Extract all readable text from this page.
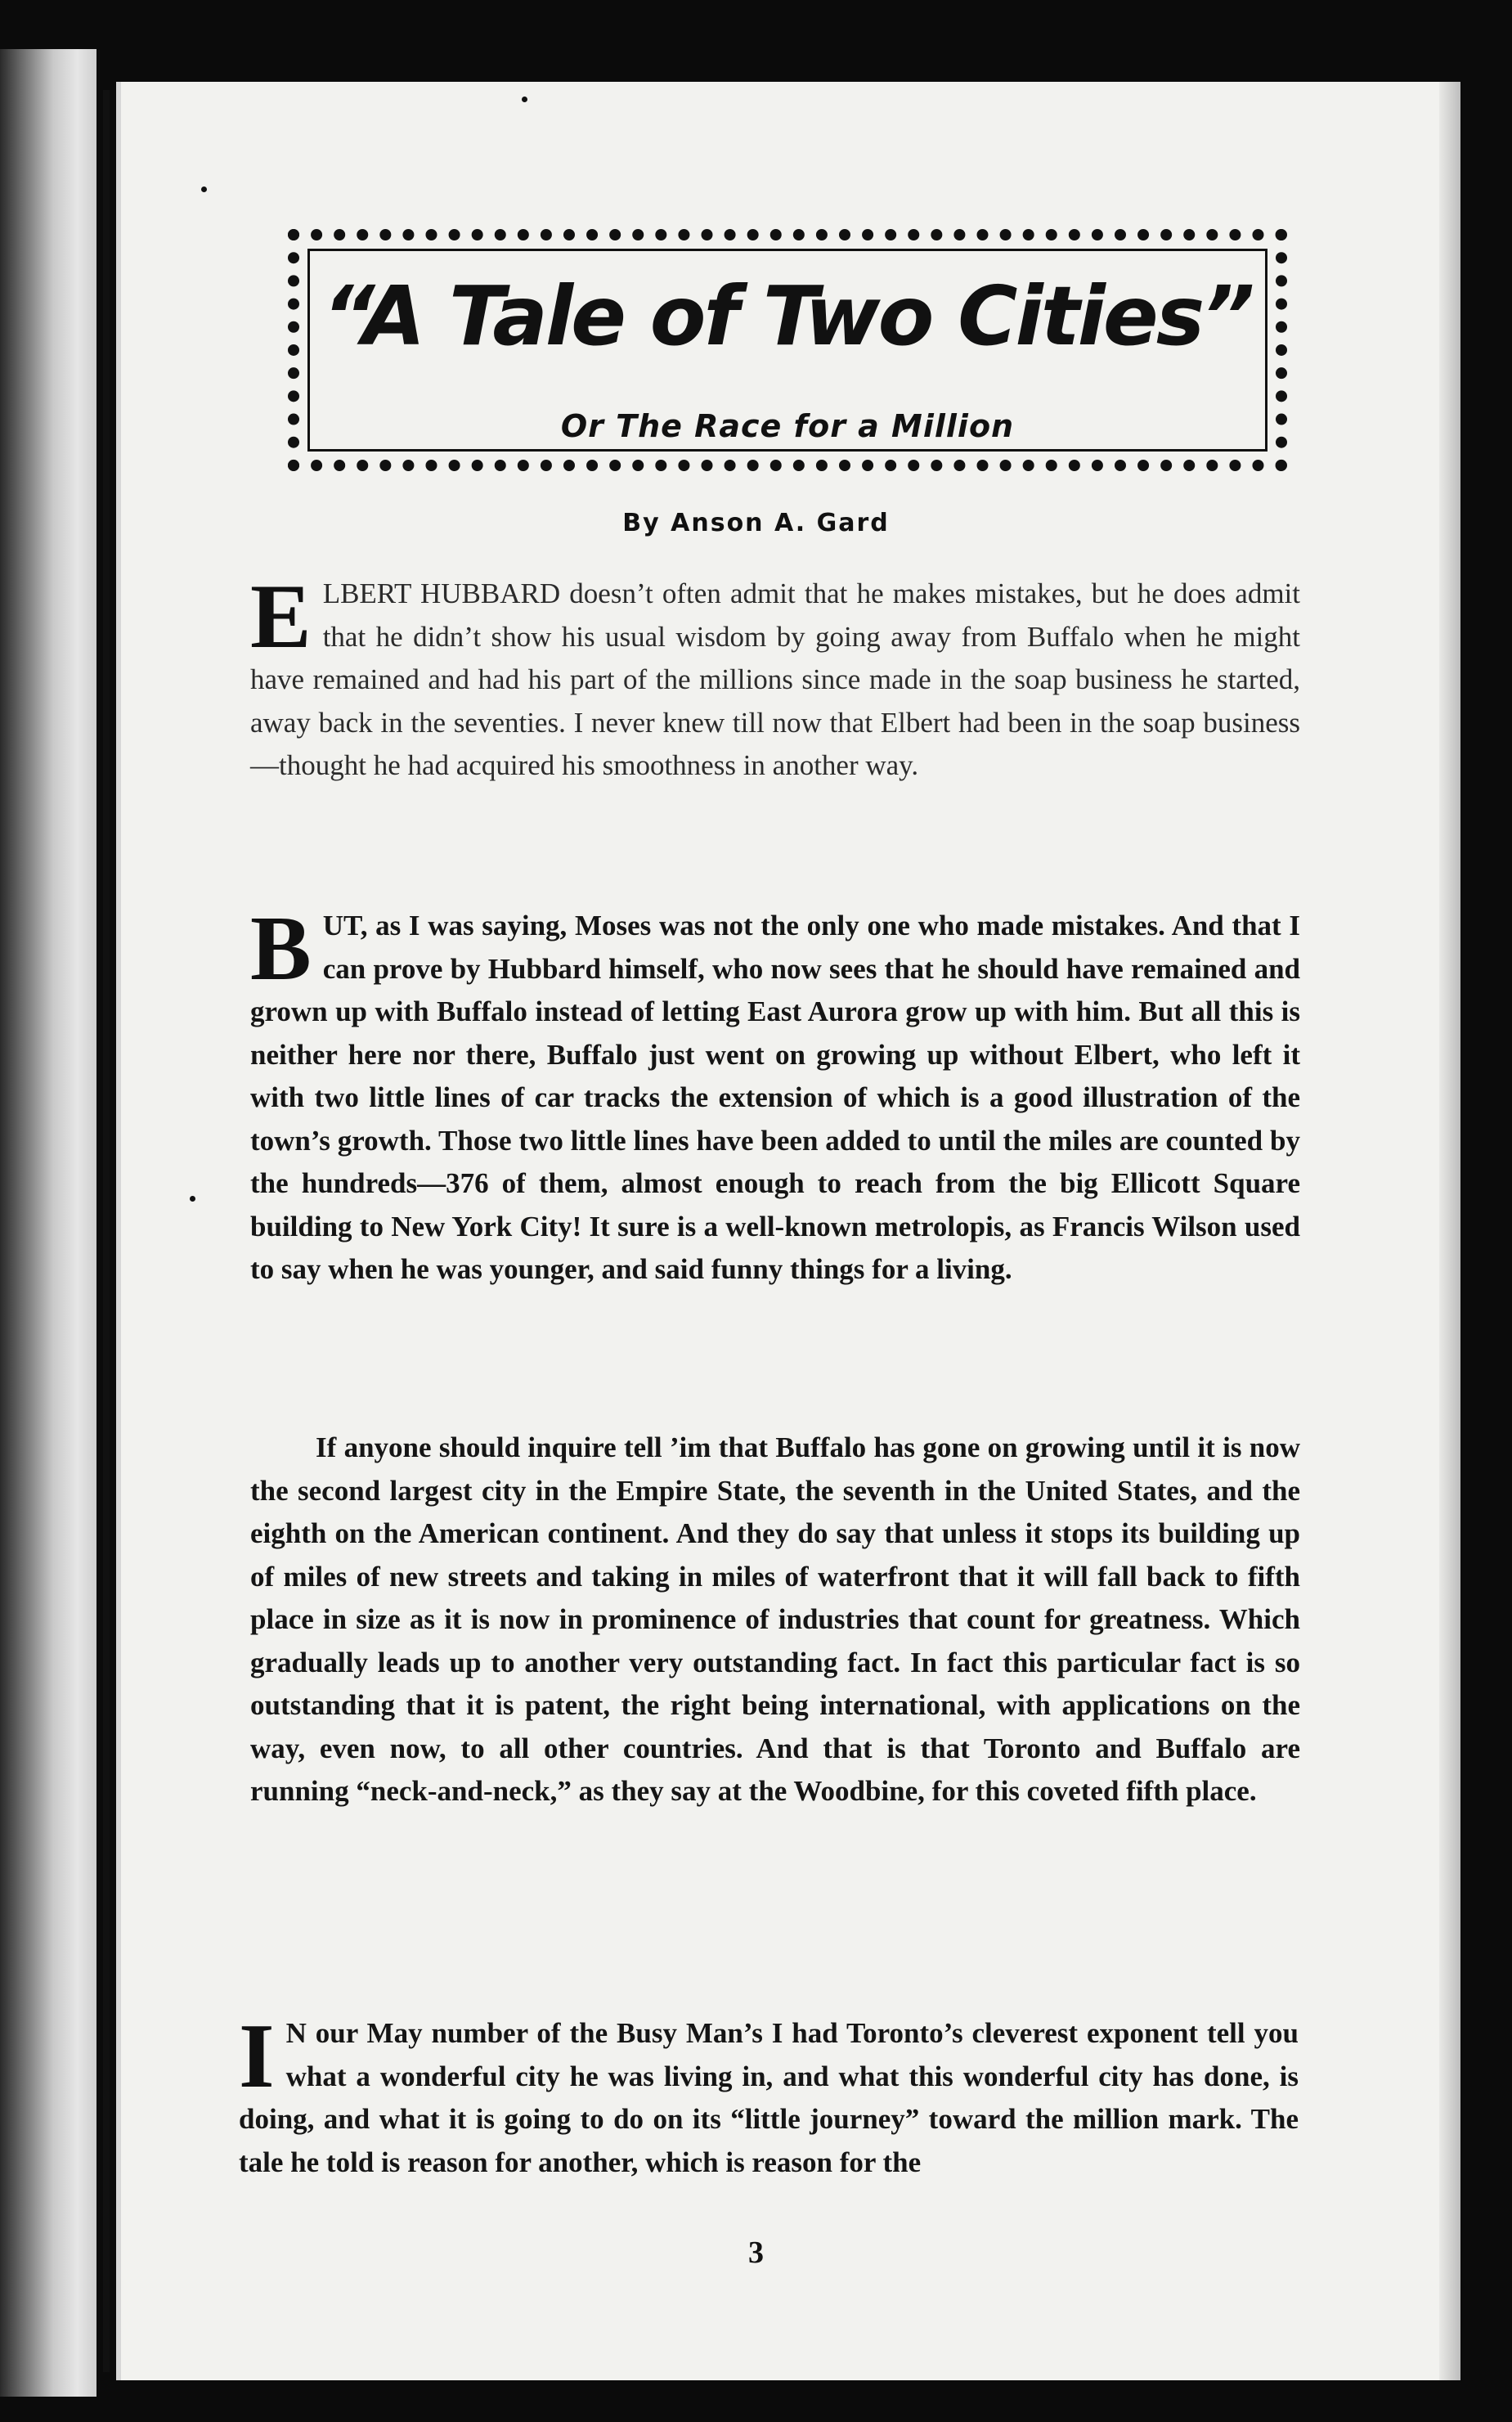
“A Tale of Two Cities”
Or The Race for a Million
By Anson A. Gard

E LBERT HUBBARD doesn’t often admit that he makes mistakes, but he does admit that he didn’t show his usual wisdom by going away from Buffalo when he might have remained and had his part of the millions since made in the soap business he started, away back in the seventies. I never knew till now that Elbert had been in the soap business—thought he had acquired his smoothness in another way.

B UT, as I was saying, Moses was not the only one who made mistakes. And that I can prove by Hubbard himself, who now sees that he should have remained and grown up with Buffalo instead of letting East Aurora grow up with him. But all this is neither here nor there, Buffalo just went on growing up without Elbert, who left it with two little lines of car tracks the extension of which is a good illustration of the town’s growth. Those two little lines have been added to until the miles are counted by the hundreds—376 of them, almost enough to reach from the big Ellicott Square building to New York City! It sure is a well-known metrolopis, as Francis Wilson used to say when he was younger, and said funny things for a living.

If anyone should inquire tell ’im that Buffalo has gone on growing until it is now the second largest city in the Empire State, the seventh in the United States, and the eighth on the American continent. And they do say that unless it stops its building up of miles of new streets and taking in miles of waterfront that it will fall back to fifth place in size as it is now in prominence of industries that count for greatness. Which gradually leads up to another very outstanding fact. In fact this particular fact is so outstanding that it is patent, the right being international, with applications on the way, even now, to all other countries. And that is that Toronto and Buffalo are running “neck-and-neck,” as they say at the Woodbine, for this coveted fifth place.

I N our May number of the Busy Man’s I had Toronto’s cleverest exponent tell you what a wonderful city he was living in, and what this wonderful city has done, is doing, and what it is going to do on its “little journey” toward the million mark. The tale he told is reason for another, which is reason for the

3
